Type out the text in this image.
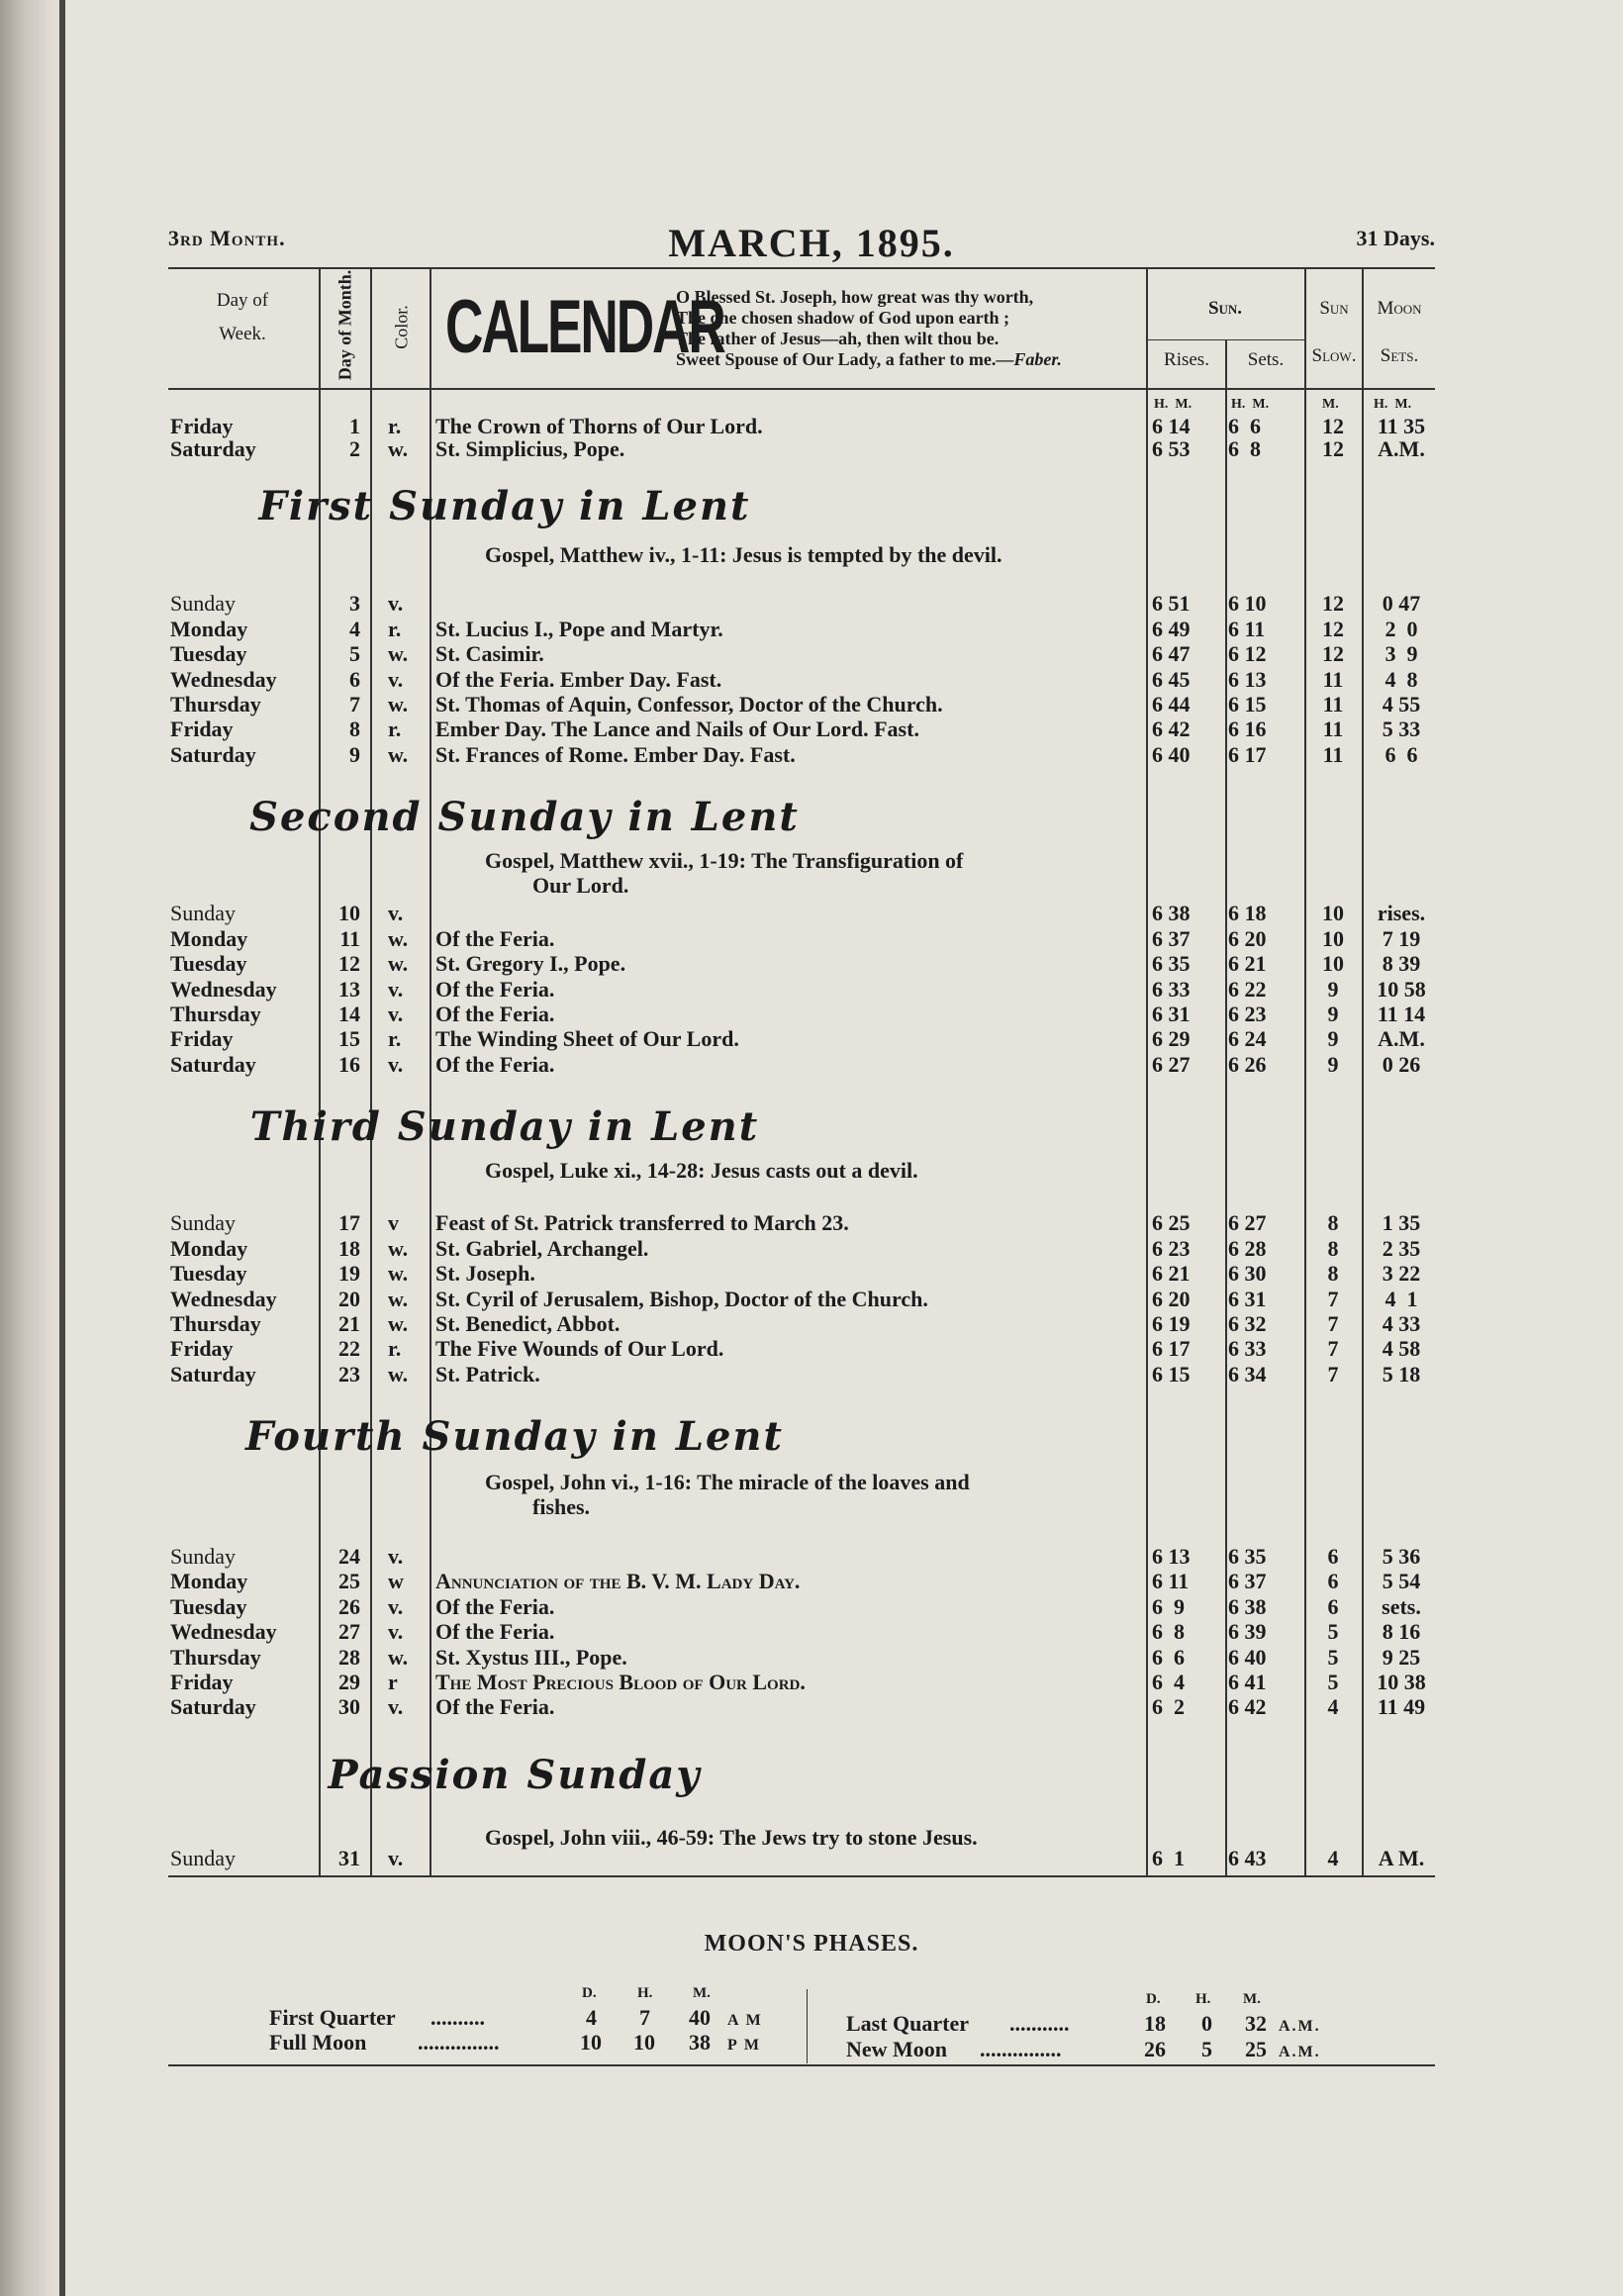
3rd Month.	MARCH, 1895.	31 Days.
Day of
Week.	Day of Month. Color. CALENDAR
O Blessed St. Joseph, how great was thy worth,
The one chosen shadow of God upon earth ;
The father of Jesus—ah, then wilt thou be.
Sweet Spouse of Our Lady, a father to me.—Faber.
Sun.
Rises.	Sets.
Sun
Slow.
Moon
Sets.
H. M.	H. M.	M.	H. M.
Friday	1 r. The Crown of Thorns of Our Lord.	6 14	6  6	12	11 35
Saturday	2 w. St. Simplicius, Pope.	6 53	6  8	12	A.M.
Sunday	3 v.	6 51	6 10	12	0 47
Monday	4 r. St. Lucius I., Pope and Martyr.	6 49	6 11	12	2  0
Tuesday	5 w. St. Casimir.	6 47	6 12	12	3  9
Wednesday	6 v. Of the Feria. Ember Day. Fast.	6 45	6 13	11	4  8
Thursday	7 w. St. Thomas of Aquin, Confessor, Doctor of the Church.	6 44	6 15	11	4 55
Friday	8 r. Ember Day. The Lance and Nails of Our Lord. Fast.	6 42	6 16	11	5 33
Saturday	9 w. St. Frances of Rome. Ember Day. Fast.	6 40	6 17	11	6  6
Sunday	10 v.	6 38	6 18	10	rises.
Monday	11 w. Of the Feria.	6 37	6 20	10	7 19
Tuesday	12 w. St. Gregory I., Pope.	6 35	6 21	10	8 39
Wednesday	13 v. Of the Feria.	6 33	6 22	9	10 58
Thursday	14 v. Of the Feria.	6 31	6 23	9	11 14
Friday	15 r. The Winding Sheet of Our Lord.	6 29	6 24	9	A.M.
Saturday	16 v. Of the Feria.	6 27	6 26	9	0 26
Sunday	17 v Feast of St. Patrick transferred to March 23.	6 25	6 27	8	1 35
Monday	18 w. St. Gabriel, Archangel.	6 23	6 28	8	2 35
Tuesday	19 w. St. Joseph.	6 21	6 30	8	3 22
Wednesday	20 w. St. Cyril of Jerusalem, Bishop, Doctor of the Church.	6 20	6 31	7	4  1
Thursday	21 w. St. Benedict, Abbot.	6 19	6 32	7	4 33
Friday	22 r. The Five Wounds of Our Lord.	6 17	6 33	7	4 58
Saturday	23 w. St. Patrick.	6 15	6 34	7	5 18
Sunday	24 v.	6 13	6 35	6	5 36
Monday	25 w Annunciation of the B. V. M. Lady Day.	6 11	6 37	6	5 54
Tuesday	26 v. Of the Feria.	6  9	6 38	6	sets.
Wednesday	27 v. Of the Feria.	6  8	6 39	5	8 16
Thursday	28 w. St. Xystus III., Pope.	6  6	6 40	5	9 25
Friday	29 r The Most Precious Blood of Our Lord.	6  4	6 41	5	10 38
Saturday	30 v. Of the Feria.	6  2	6 42	4	11 49
Sunday	31 v.	6  1	6 43	4	A M.
First Sunday in Lent
Gospel, Matthew iv., 1-11: Jesus is tempted by the devil.
Second Sunday in Lent
Gospel, Matthew xvii., 1-19: The Transfiguration of
Our Lord.
Third Sunday in Lent
Gospel, Luke xi., 14-28: Jesus casts out a devil.
Fourth Sunday in Lent
Gospel, John vi., 1-16: The miracle of the loaves and
fishes.
Passion Sunday
Gospel, John viii., 46-59: The Jews try to stone Jesus.
MOON'S PHASES.
D.	H.	M.	D. H. M.
First Quarter ..........	4 7 40 A M
Full Moon ...............	10 10 38 P M
Last Quarter ...........	18 0 32 A.M.
New Moon ...............	26 5 25 A.M.
